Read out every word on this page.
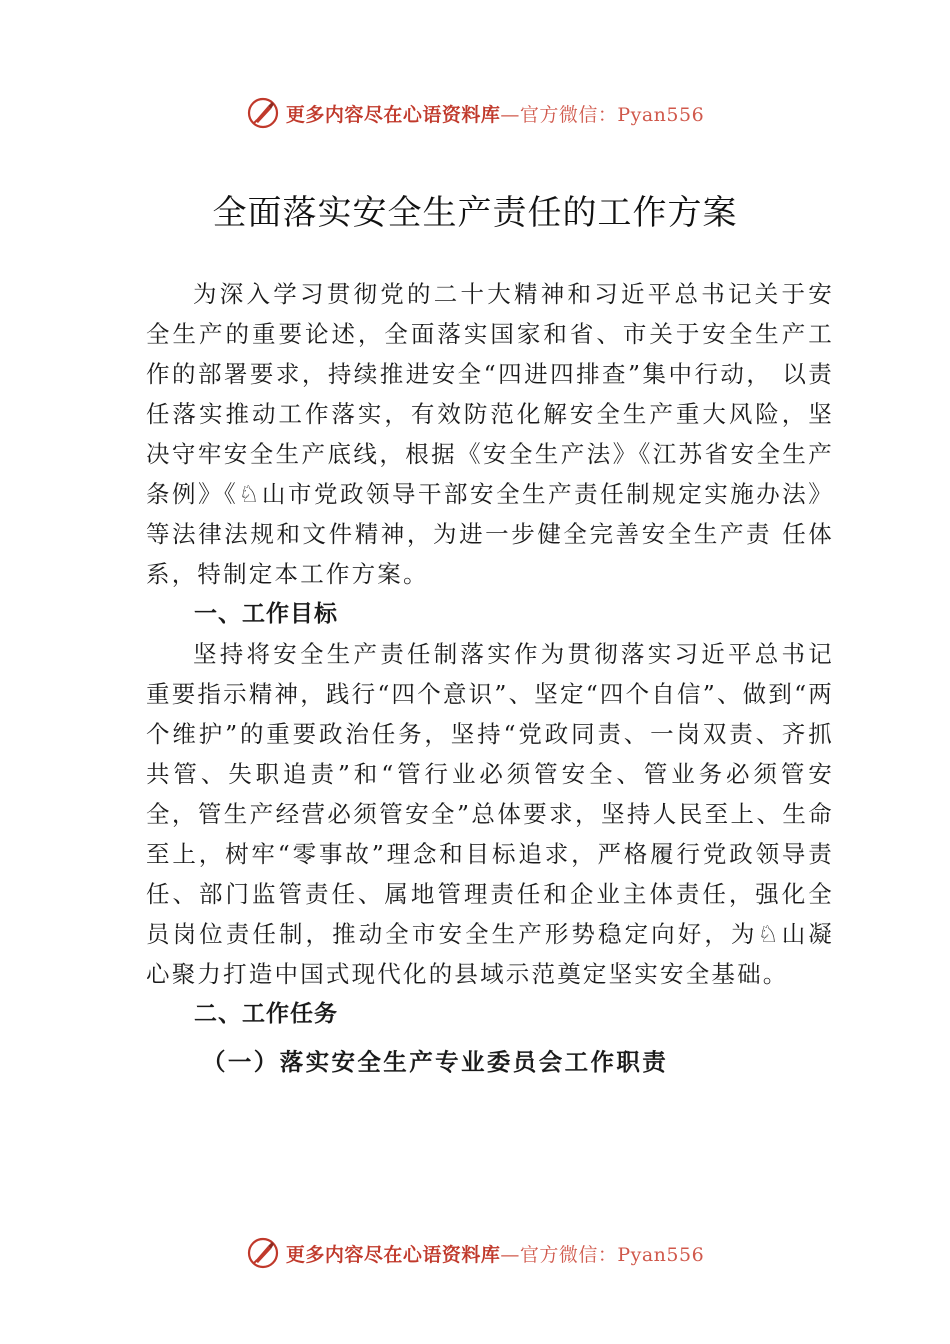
更多内容尽在心语资料库—官方微信：Pyan556
全面落实安全生产责任的工作方案

为深入学习贯彻党的二十大精神和习近平总书记关于安全生产的重要论述，全面落实国家和省、市关于安全生产工作的部署要求，持续推进安全“四进四排查”集中行动， 以责任落实推动工作落实，有效防范化解安全生产重大风险，坚决守牢安全生产底线，根据《安全生产法》《江苏省安全生产条例》《♘山市党政领导干部安全生产责任制规定实施办法》等法律法规和文件精神，为进一步健全完善安全生产责 任体系，特制定本工作方案。

一、工作目标

坚持将安全生产责任制落实作为贯彻落实习近平总书记重要指示精神，践行“四个意识”、坚定“四个自信”、做到“两个维护”的重要政治任务，坚持“党政同责、一岗双责、齐抓共管、失职追责”和“管行业必须管安全、管业务必须管安全，管生产经营必须管安全”总体要求，坚持人民至上、生命至上，树牢“零事故”理念和目标追求，严格履行党政领导责任、部门监管责任、属地管理责任和企业主体责任，强化全员岗位责任制，推动全市安全生产形势稳定向好，为♘山凝心聚力打造中国式现代化的县域示范奠定坚实安全基础。

二、工作任务

（一）落实安全生产专业委员会工作职责

更多内容尽在心语资料库—官方微信：Pyan556
